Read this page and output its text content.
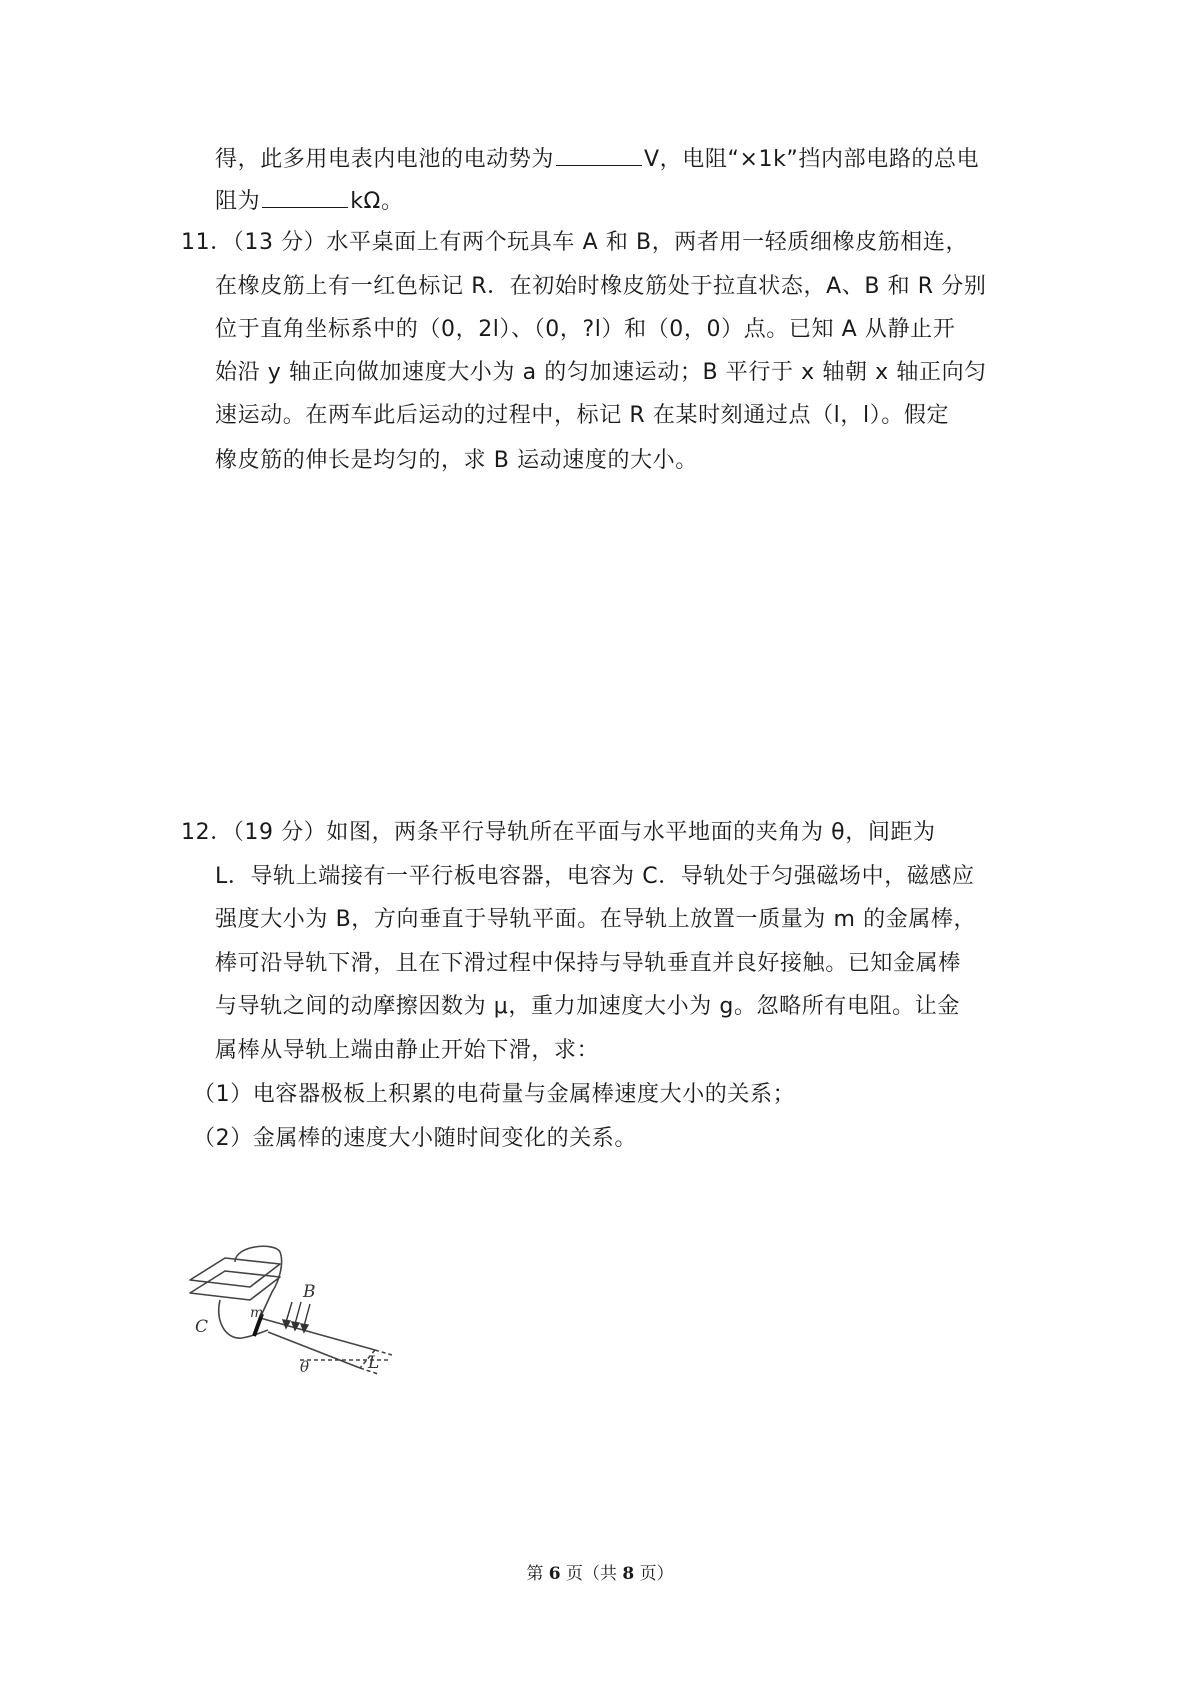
得，此多用电表内电池的电动势为	V，电阻“×1k”挡内部电路的总电
阻为	kΩ。
11．（13 分）水平桌面上有两个玩具车 A 和 B，两者用一轻质细橡皮筋相连，
在橡皮筋上有一红色标记 R．在初始时橡皮筋处于拉直状态，A、B 和 R 分别
位于直角坐标系中的（0，2l）、（0，?l）和（0，0）点。已知 A 从静止开
始沿 y 轴正向做加速度大小为 a 的匀加速运动；B 平行于 x 轴朝 x 轴正向匀
速运动。在两车此后运动的过程中，标记 R 在某时刻通过点（l，l）。假定
橡皮筋的伸长是均匀的，求 B 运动速度的大小。
12．（19 分）如图，两条平行导轨所在平面与水平地面的夹角为 θ，间距为
L．导轨上端接有一平行板电容器，电容为 C．导轨处于匀强磁场中，磁感应
强度大小为 B，方向垂直于导轨平面。在导轨上放置一质量为 m 的金属棒，
棒可沿导轨下滑，且在下滑过程中保持与导轨垂直并良好接触。已知金属棒
与导轨之间的动摩擦因数为 μ，重力加速度大小为 g。忽略所有电阻。让金
属棒从导轨上端由静止开始下滑，求：
（1）电容器极板上积累的电荷量与金属棒速度大小的关系；
（2）金属棒的速度大小随时间变化的关系。
C
m
B
θ	L
第 6 页（共 8 页）
